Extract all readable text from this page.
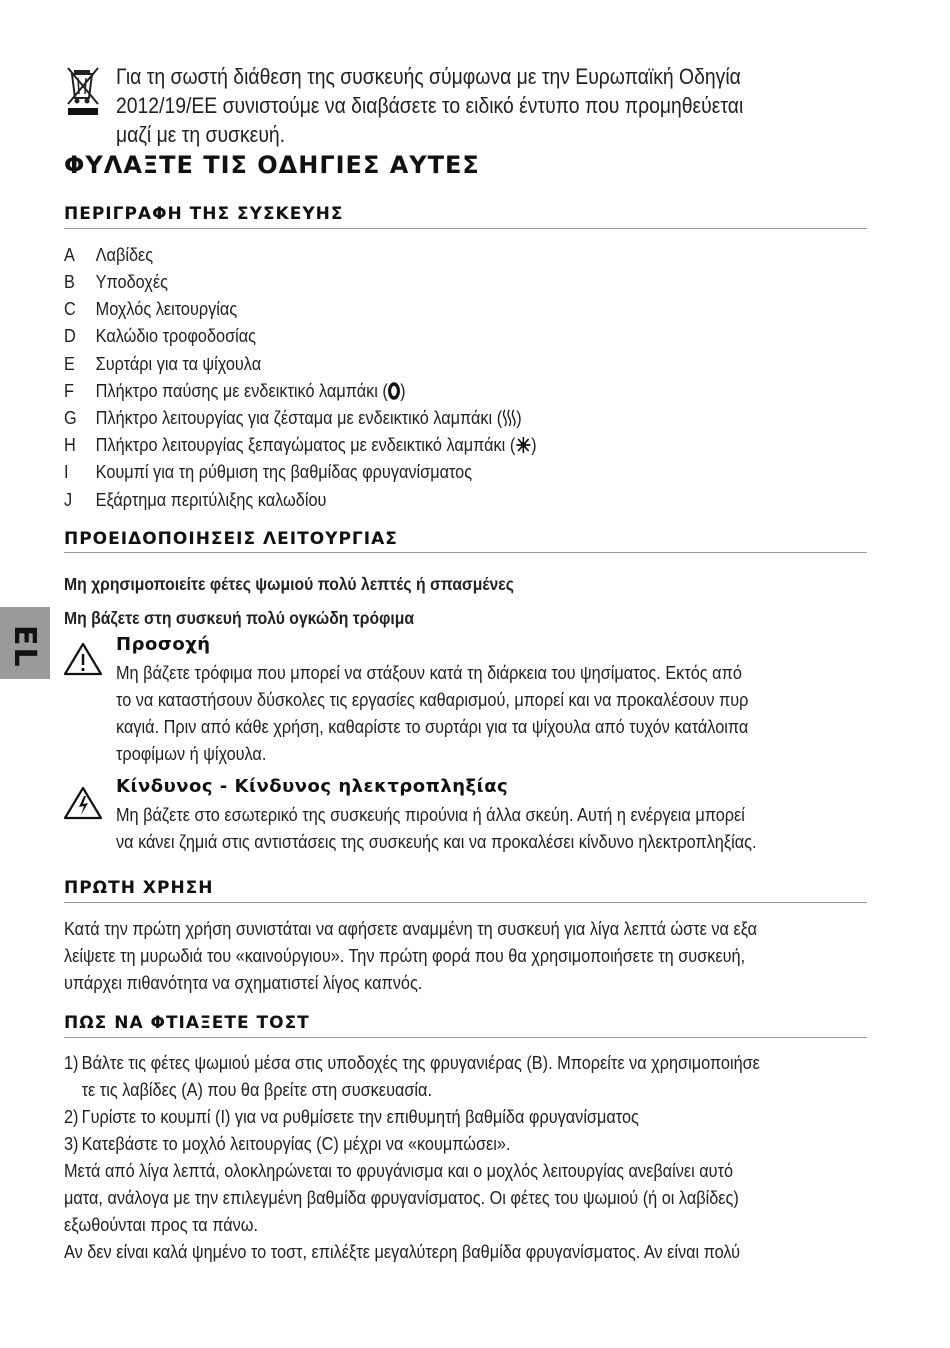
Για τη σωστή διάθεση της συσκευής σύμφωνα με την Ευρωπαϊκή Οδηγία
2012/19/ΕΕ συνιστούμε να διαβάσετε το ειδικό έντυπο που προμηθεύεται
μαζί με τη συσκευή.
ΦΥΛΑΞΤΕ ΤΙΣ ΟΔΗΓΙΕΣ ΑΥΤΕΣ
ΠΕΡΙΓΡΑΦΗ ΤΗΣ ΣΥΣΚΕΥΗΣ
A Λαβίδες
B Υποδοχές
C Μοχλός λειτουργίας
D Καλώδιο τροφοδοσίας
E Συρτάρι για τα ψίχουλα
F Πλήκτρο παύσης με ενδεικτικό λαμπάκι ( )
G Πλήκτρο λειτουργίας για ζέσταμα με ενδεικτικό λαμπάκι ( )
H Πλήκτρο λειτουργίας ξεπαγώματος με ενδεικτικό λαμπάκι ( )
I Κουμπί για τη ρύθμιση της βαθμίδας φρυγανίσματος
J Εξάρτημα περιτύλιξης καλωδίου
ΠΡΟΕΙΔΟΠΟΙΗΣΕΙΣ ΛΕΙΤΟΥΡΓΙΑΣ
Μη χρησιμοποιείτε φέτες ψωμιού πολύ λεπτές ή σπασμένες
Μη βάζετε στη συσκευή πολύ ογκώδη τρόφιμα
Προσοχή
Μη βάζετε τρόφιμα που μπορεί να στάξουν κατά τη διάρκεια του ψησίματος. Εκτός από
το να καταστήσουν δύσκολες τις εργασίες καθαρισμού, μπορεί και να προκαλέσουν πυρ
καγιά. Πριν από κάθε χρήση, καθαρίστε το συρτάρι για τα ψίχουλα από τυχόν κατάλοιπα
τροφίμων ή ψίχουλα.
Κίνδυνος - Κίνδυνος ηλεκτροπληξίας
Μη βάζετε στο εσωτερικό της συσκευής πιρούνια ή άλλα σκεύη. Αυτή η ενέργεια μπορεί
να κάνει ζημιά στις αντιστάσεις της συσκευής και να προκαλέσει κίνδυνο ηλεκτροπληξίας.
ΠΡΩΤΗ ΧΡΗΣΗ
Κατά την πρώτη χρήση συνιστάται να αφήσετε αναμμένη τη συσκευή για λίγα λεπτά ώστε να εξα
λείψετε τη μυρωδιά του «καινούργιου». Την πρώτη φορά που θα χρησιμοποιήσετε τη συσκευή,
υπάρχει πιθανότητα να σχηματιστεί λίγος καπνός.
ΠΩΣ ΝΑ ΦΤΙΑΞΕΤΕ ΤΟΣΤ
1) Βάλτε τις φέτες ψωμιού μέσα στις υποδοχές της φρυγανιέρας (B). Μπορείτε να χρησιμοποιήσε
τε τις λαβίδες (A) που θα βρείτε στη συσκευασία.
2) Γυρίστε το κουμπί (I) για να ρυθμίσετε την επιθυμητή βαθμίδα φρυγανίσματος
3) Κατεβάστε το μοχλό λειτουργίας (C) μέχρι να «κουμπώσει».
Μετά από λίγα λεπτά, ολοκληρώνεται το φρυγάνισμα και ο μοχλός λειτουργίας ανεβαίνει αυτό
ματα, ανάλογα με την επιλεγμένη βαθμίδα φρυγανίσματος. Οι φέτες του ψωμιού (ή οι λαβίδες)
εξωθούνται προς τα πάνω.
Αν δεν είναι καλά ψημένο το τοστ, επιλέξτε μεγαλύτερη βαθμίδα φρυγανίσματος. Αν είναι πολύ
EL
